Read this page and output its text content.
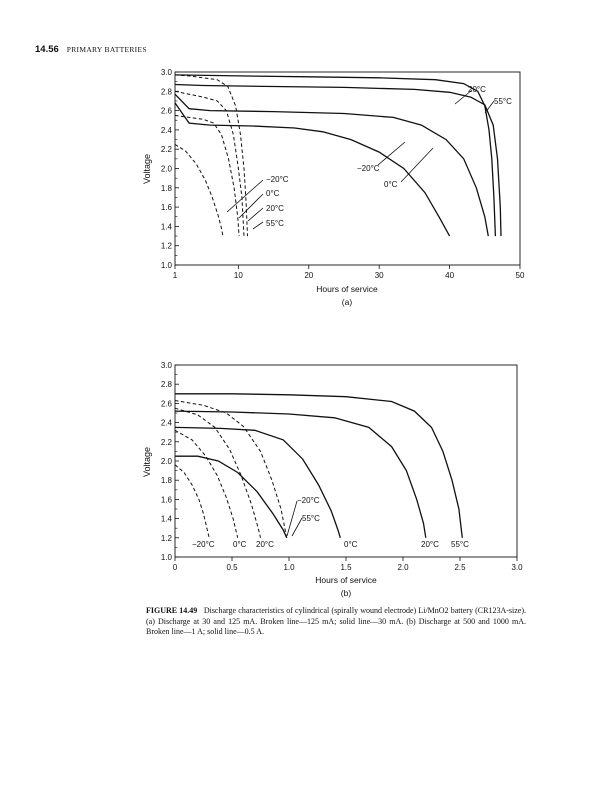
14.56 PRIMARY BATTERIES
Voltage
Hours of service
(a)
20°C
55°C
−20°C
0°C
−20°C
0°C
20°C
55°C
1.0
1.2
1.4
1.6
1.8
2.0
2.2
2.4
2.6
2.8
3.0
1	10	20	30	40	50
Voltage
Hours of service
(b)
−20°C
55°C
−20°C 0°C 20°C	0°C	20°C 55°C
1.0
1.2
1.4
1.6
1.8
2.0
2.2
2.4
2.6
2.8
3.0
0	0.5	1.0	1.5	2.0	2.5	3.0
FIGURE 14.49 Discharge characteristics of cylindrical (spirally wound electrode) Li/MnO2 battery (CR123A-size). (a) Discharge at 30 and 125 mA. Broken line—125 mA; solid line—30 mA. (b) Discharge at 500 and 1000 mA. Broken line—1 A; solid line—0.5 A.
